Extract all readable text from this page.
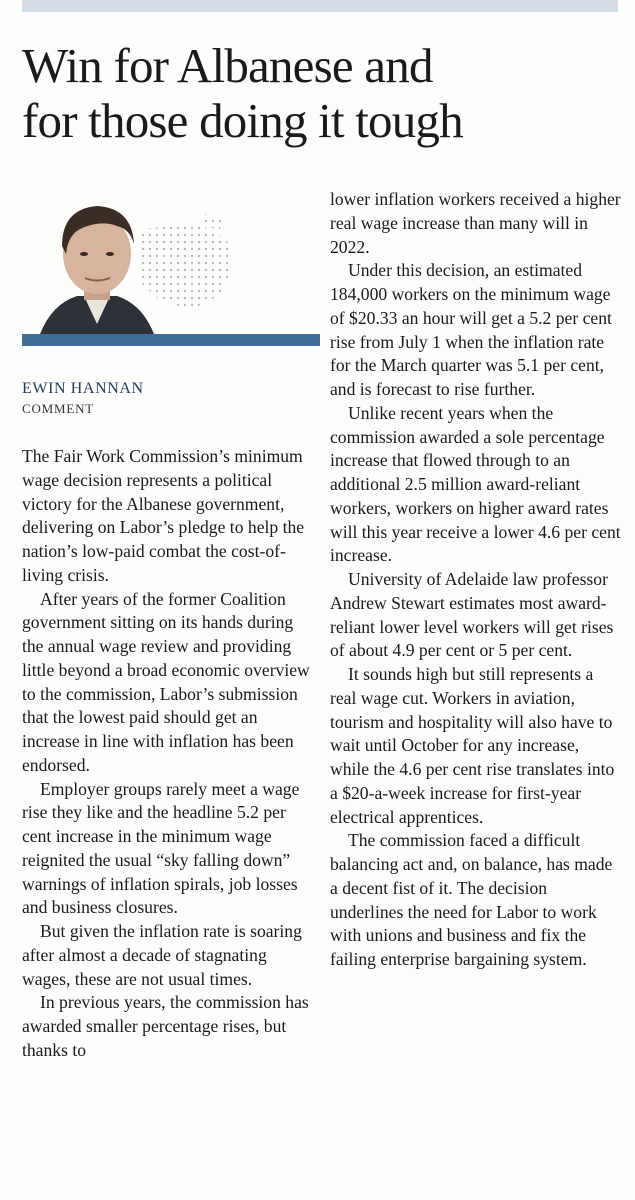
Win for Albanese and
for those doing it tough
EWIN HANNAN
COMMENT

The Fair Work Commission’s minimum wage decision represents a political victory for the Albanese government, delivering on Labor’s pledge to help the nation’s low-paid combat the cost-of-living crisis.

After years of the former Coalition government sitting on its hands during the annual wage review and providing little beyond a broad economic overview to the commission, Labor’s submission that the lowest paid should get an increase in line with inflation has been endorsed.

Employer groups rarely meet a wage rise they like and the headline 5.2 per cent increase in the minimum wage reignited the usual “sky falling down” warnings of inflation spirals, job losses and business closures.

But given the inflation rate is soaring after almost a decade of stagnating wages, these are not usual times.

In previous years, the commission has awarded smaller percentage rises, but thanks to

lower inflation workers received a higher real wage increase than many will in 2022.

Under this decision, an estimated 184,000 workers on the minimum wage of $20.33 an hour will get a 5.2 per cent rise from July 1 when the inflation rate for the March quarter was 5.1 per cent, and is forecast to rise further.

Unlike recent years when the commission awarded a sole percentage increase that flowed through to an additional 2.5 million award-reliant workers, workers on higher award rates will this year receive a lower 4.6 per cent increase.

University of Adelaide law professor Andrew Stewart estimates most award-reliant lower level workers will get rises of about 4.9 per cent or 5 per cent.

It sounds high but still represents a real wage cut. Workers in aviation, tourism and hospitality will also have to wait until October for any increase, while the 4.6 per cent rise translates into a $20-a-week increase for first-year electrical apprentices.

The commission faced a difficult balancing act and, on balance, has made a decent fist of it. The decision underlines the need for Labor to work with unions and business and fix the failing enterprise bargaining system.
